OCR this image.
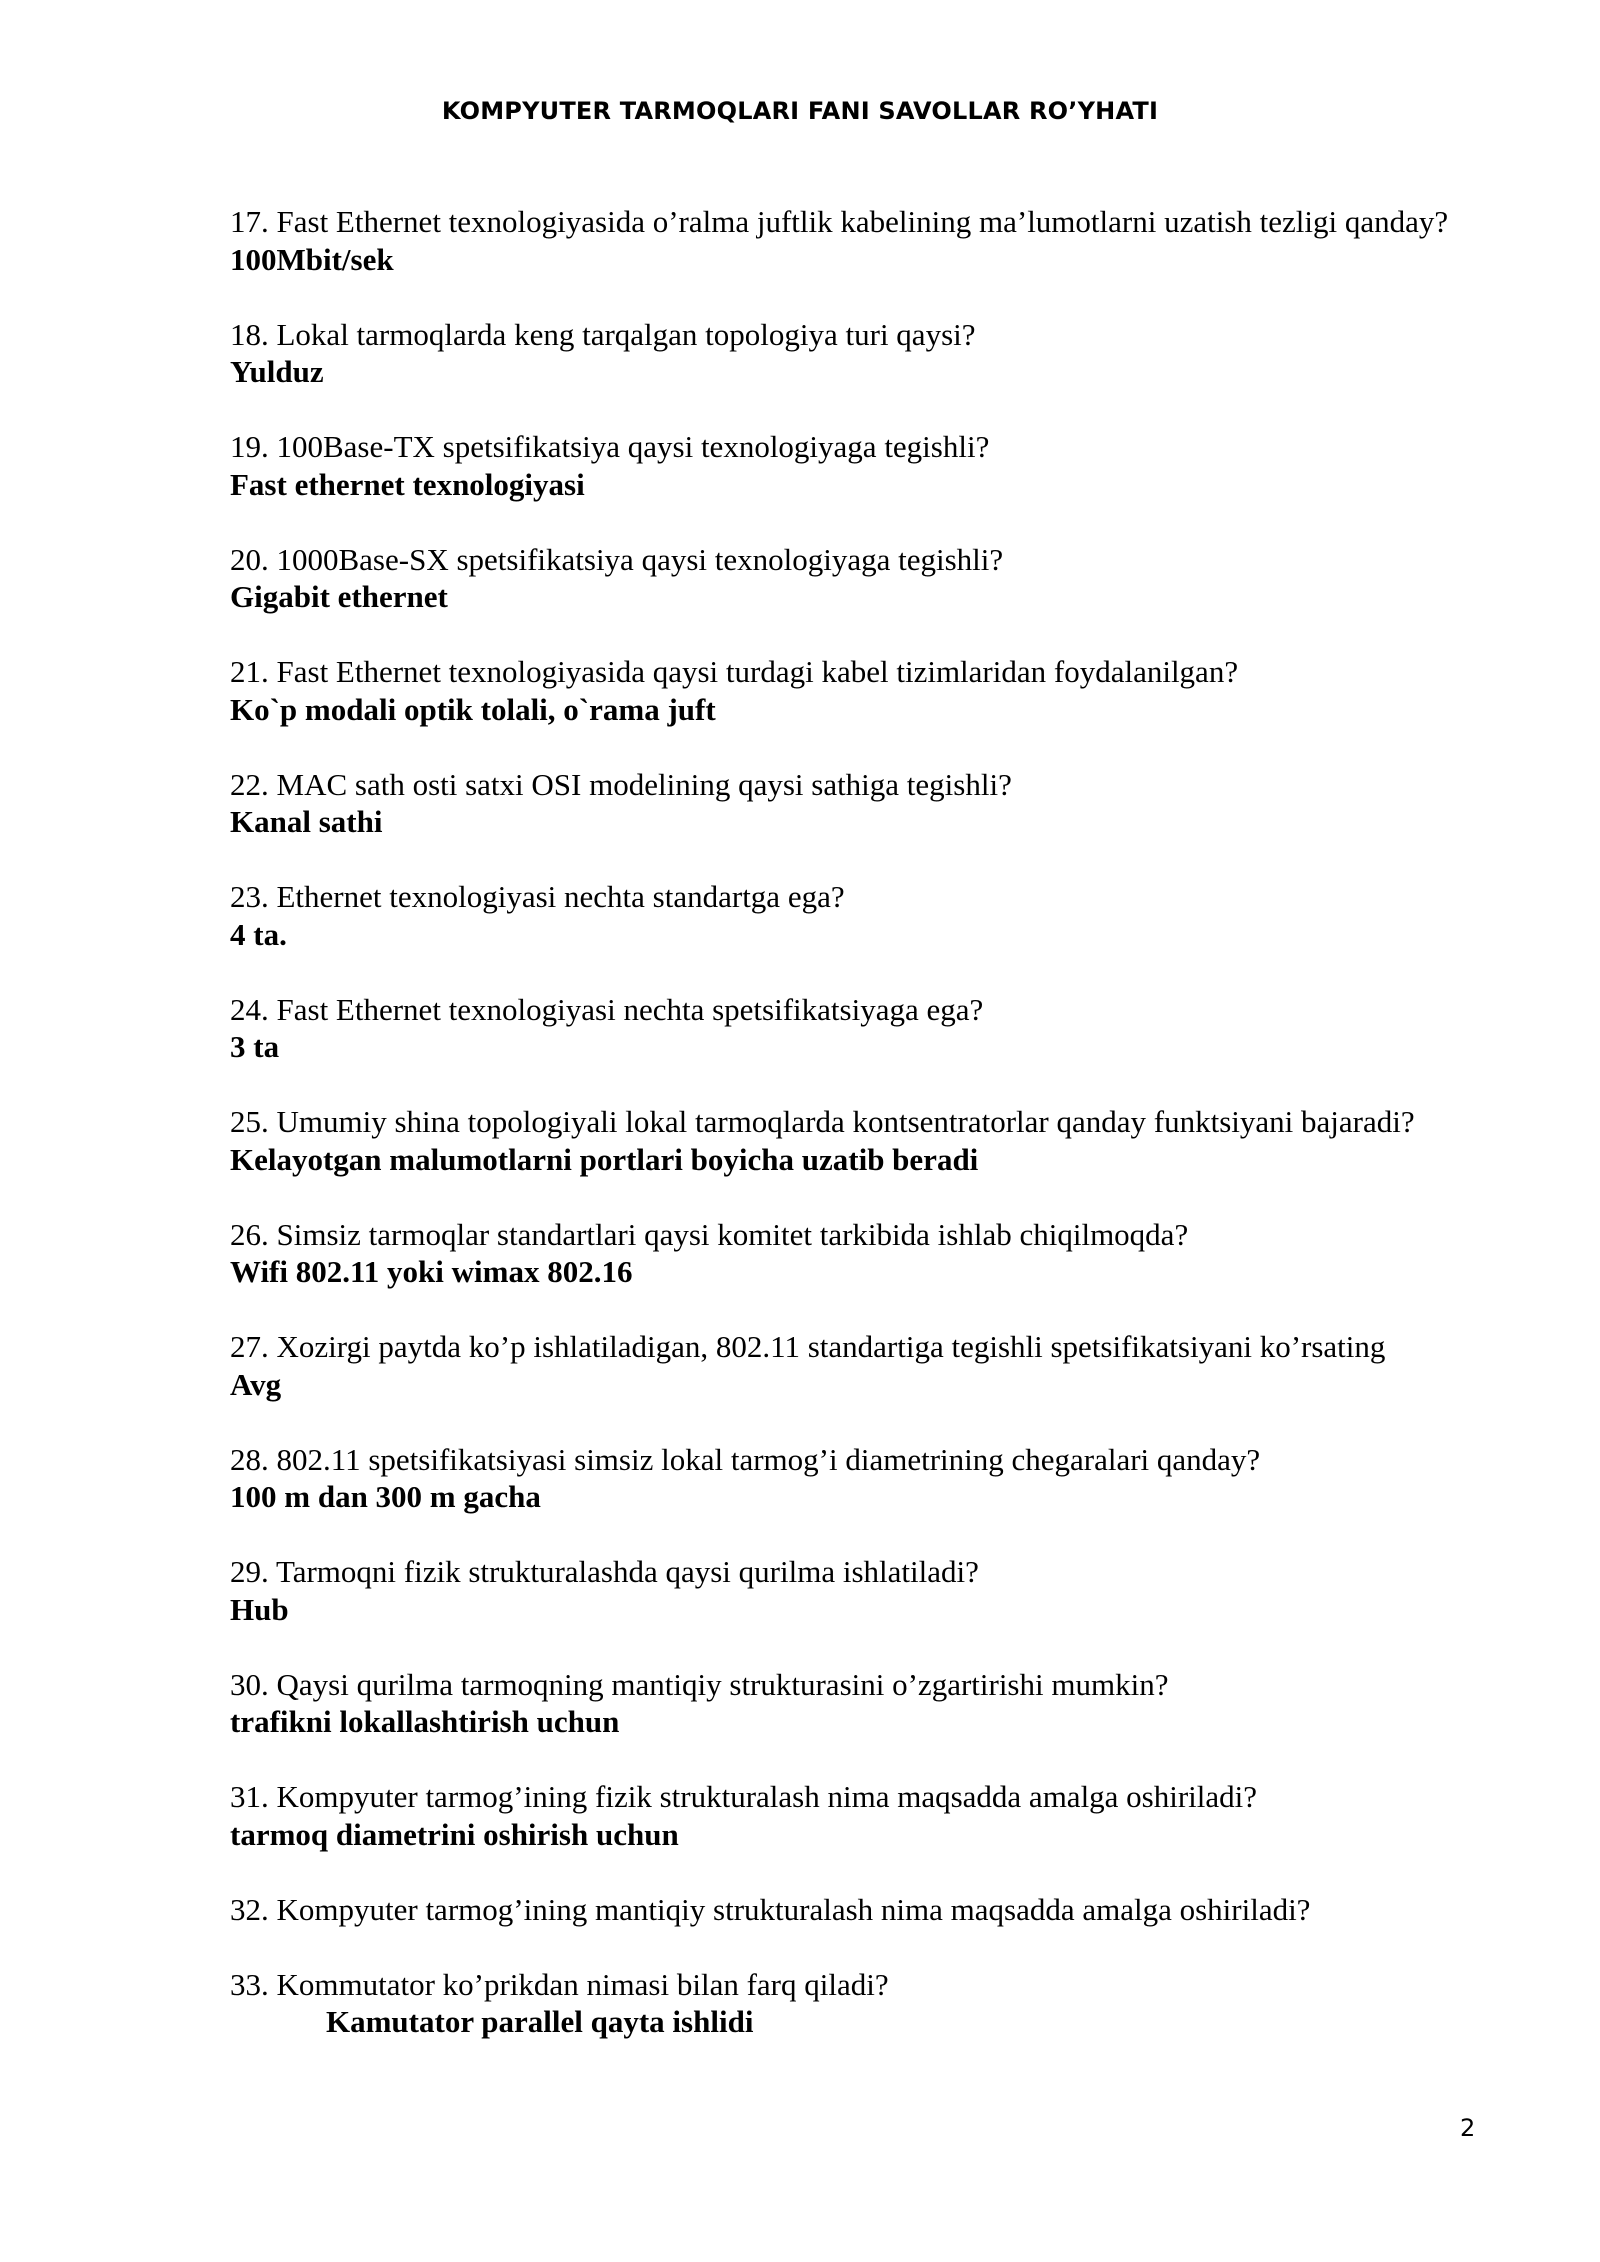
KOMPYUTER TARMOQLARI FANI SAVOLLAR RO’YHATI
17. Fast Ethernet texnologiyasida o’ralma juftlik kabelining ma’lumotlarni uzatish tezligi qanday?
100Mbit/sek
18. Lokal tarmoqlarda keng tarqalgan topologiya turi qaysi?
Yulduz
19. 100Base-TX spetsifikatsiya qaysi texnologiyaga tegishli?
Fast ethernet texnologiyasi
20. 1000Base-SX spetsifikatsiya qaysi texnologiyaga tegishli?
Gigabit ethernet
21. Fast Ethernet texnologiyasida qaysi turdagi kabel tizimlaridan foydalanilgan?
Ko`p modali optik tolali, o`rama juft
22. MAC sath osti satxi OSI modelining qaysi sathiga tegishli?
Kanal sathi
23. Ethernet texnologiyasi nechta standartga ega?
4 ta.
24. Fast Ethernet texnologiyasi nechta spetsifikatsiyaga ega?
3 ta
25. Umumiy shina topologiyali lokal tarmoqlarda kontsentratorlar qanday funktsiyani bajaradi?
Kelayotgan malumotlarni portlari boyicha uzatib beradi
26. Simsiz tarmoqlar standartlari qaysi komitet tarkibida ishlab chiqilmoqda?
Wifi 802.11 yoki wimax 802.16
27. Xozirgi paytda ko’p ishlatiladigan, 802.11 standartiga tegishli spetsifikatsiyani ko’rsating
Avg
28. 802.11 spetsifikatsiyasi simsiz lokal tarmog’i diametrining chegaralari qanday?
100 m dan 300 m gacha
29. Tarmoqni fizik strukturalashda qaysi qurilma ishlatiladi?
Hub
30. Qaysi qurilma tarmoqning mantiqiy strukturasini o’zgartirishi mumkin?
trafikni lokallashtirish uchun
31. Kompyuter tarmog’ining fizik strukturalash nima maqsadda amalga oshiriladi?
tarmoq diametrini oshirish uchun
32. Kompyuter tarmog’ining mantiqiy strukturalash nima maqsadda amalga oshiriladi?
33. Kommutator ko’prikdan nimasi bilan farq qiladi?
Kamutator parallel qayta ishlidi
2
